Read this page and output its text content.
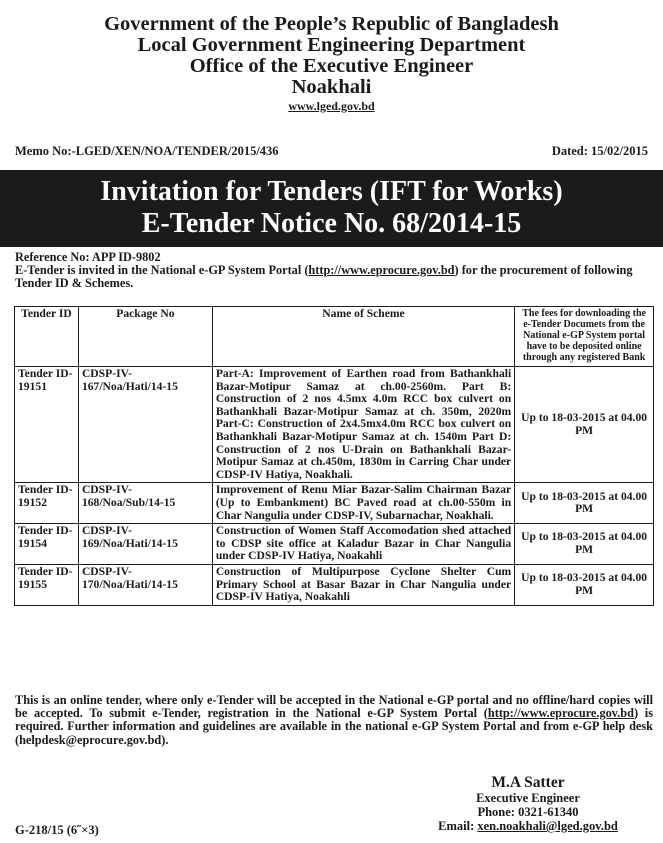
Government of the People’s Republic of Bangladesh
Local Government Engineering Department
Office of the Executive Engineer
Noakhali
www.lged.gov.bd
Memo No:-LGED/XEN/NOA/TENDER/2015/436	Dated: 15/02/2015
Invitation for Tenders (IFT for Works)
E-Tender Notice No. 68/2014-15
Reference No: APP ID-9802
E-Tender is invited in the National e-GP System Portal (http://www.eprocure.gov.bd) for the procurement of following Tender ID & Schemes.
Tender ID	Package No	Name of Scheme	The fees for downloading the e-Tender Documets from the National e-GP System portal have to be deposited online through any registered Bank
Tender ID-19151	CDSP-IV-167/Noa/Hati/14-15	Part-A: Improvement of Earthen road from Bathankhali Bazar-Motipur Samaz at ch.00-2560m. Part B: Construction of 2 nos 4.5mx 4.0m RCC box culvert on Bathankhali Bazar-Motipur Samaz at ch. 350m, 2020m Part-C: Construction of 2x4.5mx4.0m RCC box culvert on Bathankhali Bazar-Motipur Samaz at ch. 1540m Part D: Construction of 2 nos U-Drain on Bathankhali Bazar-Motipur Samaz at ch.450m, 1830m in Carring Char under CDSP-IV Hatiya, Noakhali.	Up to 18-03-2015 at 04.00 PM
Tender ID-19152	CDSP-IV-168/Noa/Sub/14-15	Improvement of Renu Miar Bazar-Salim Chairman Bazar (Up to Embankment) BC Paved road at ch.00-550m in Char Nangulia under CDSP-IV, Subarnachar, Noakhali.	Up to 18-03-2015 at 04.00 PM
Tender ID-19154	CDSP-IV-169/Noa/Hati/14-15	Construction of Women Staff Accomodation shed attached to CDSP site office at Kaladur Bazar in Char Nangulia under CDSP-IV Hatiya, Noakahli	Up to 18-03-2015 at 04.00 PM
Tender ID-19155	CDSP-IV-170/Noa/Hati/14-15	Construction of Multipurpose Cyclone Shelter Cum Primary School at Basar Bazar in Char Nangulia under CDSP-IV Hatiya, Noakahli	Up to 18-03-2015 at 04.00 PM
This is an online tender, where only e-Tender will be accepted in the National e-GP portal and no offline/hard copies will be accepted. To submit e-Tender, registration in the National e-GP System Portal (http://www.eprocure.gov.bd) is required. Further information and guidelines are available in the national e-GP System Portal and from e-GP help desk (helpdesk@eprocure.gov.bd).
M.A Satter
Executive Engineer
Phone: 0321-61340
Email: xen.noakhali@lged.gov.bd
G-218/15 (6˝×3)
